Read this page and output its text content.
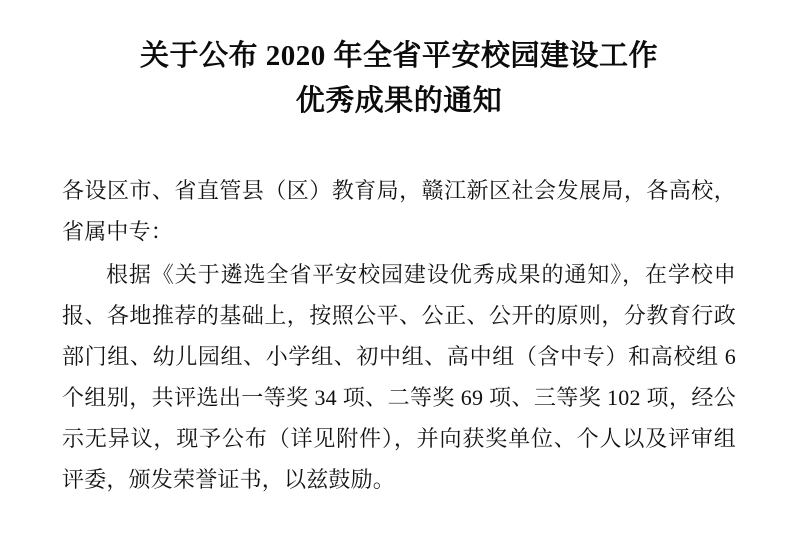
关于公布 2020 年全省平安校园建设工作
优秀成果的通知

各设区市、省直管县（区）教育局，赣江新区社会发展局，各高校，省属中专：

根据《关于遴选全省平安校园建设优秀成果的通知》，在学校申报、各地推荐的基础上，按照公平、公正、公开的原则，分教育行政部门组、幼儿园组、小学组、初中组、高中组（含中专）和高校组 6 个组别，共评选出一等奖 34 项、二等奖 69 项、三等奖 102 项，经公示无异议，现予公布（详见附件），并向获奖单位、个人以及评审组评委，颁发荣誉证书，以兹鼓励。
